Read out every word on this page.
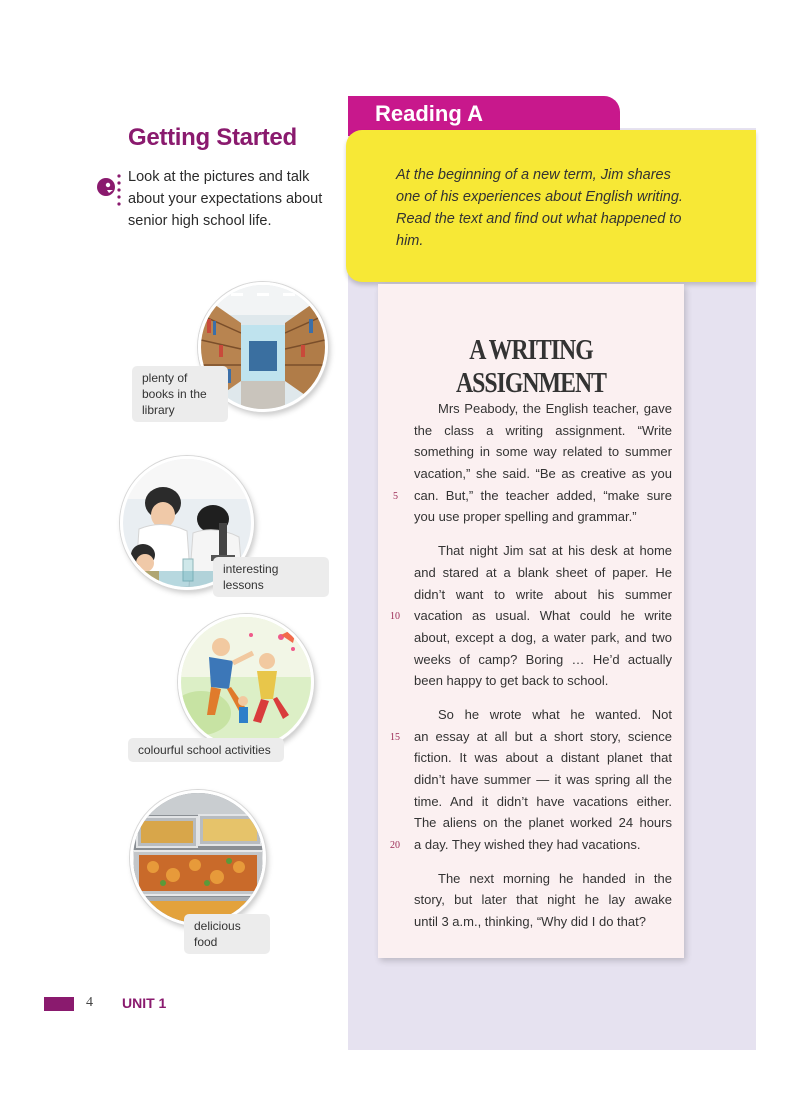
Getting Started
Look at the pictures and talk about your expectations about senior high school life.
plenty of books in the library
interesting lessons
colourful school activities
delicious food
Reading A
At the beginning of a new term, Jim shares one of his experiences about English writing. Read the text and find out what happened to him.
A WRITING ASSIGNMENT
Mrs Peabody, the English teacher, gave
the class a writing assignment. “Write
something in some way related to summer
vacation,” she said. “Be as creative as you
can. But,” the teacher added, “make sure
you use proper spelling and grammar.”
That night Jim sat at his desk at home
and stared at a blank sheet of paper. He
didn’t want to write about his summer
vacation as usual. What could he write
about, except a dog, a water park, and two
weeks of camp? Boring … He’d actually
been happy to get back to school.
So he wrote what he wanted. Not
an essay at all but a short story, science
fiction. It was about a distant planet that
didn’t have summer — it was spring all the
time. And it didn’t have vacations either.
The aliens on the planet worked 24 hours
a day. They wished they had vacations.
The next morning he handed in the
story, but later that night he lay awake
until 3 a.m., thinking, “Why did I do that?
5
10
15
20
4 UNIT 1
